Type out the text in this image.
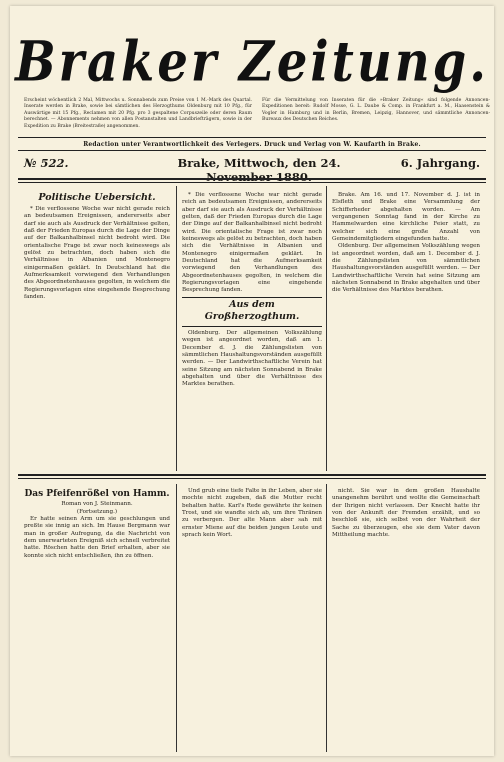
Braker Zeitung.
Erscheint wöchentlich 2 Mal, Mittwochs u. Sonnabends zum Preise von 1 M.-Mark des Quartal. Inserate werden in Brake, sowie bei sämtlichen des Herzogthums Oldenburg mit 10 Pfg., für Auswärtige mit 15 Pfg., Reclamen mit 20 Pfg. pro 3 gespaltene Corpuszeile oder deren Raum berechnet. — Abonnements nehmen von allen Postanstalten und Landbriefträgern, sowie in der Expedition zu Brake (Breitestraße) angenommen.
Für die Vermittelung von Inseraten für die »Braker Zeitung« sind folgende Annoncen-Expeditionen bereit: Rudolf Mosse, G. L. Daube & Comp. in Frankfurt a. M., Haasenstein & Vogler in Hamburg und in Berlin, Bremen, Leipzig, Hannover, und sämmtliche Annoncen-Bureaux des Deutschen Reiches.
Redaction unter Verantwortlichkeit des Verlegers. Druck und Verlag von W. Kaufarth in Brake.
№ 522.	Brake, Mittwoch, den 24. November 1880.
6. Jahrgang.
Politische Uebersicht.

* Die verflossene Woche war nicht gerade reich an bedeutsamen Ereignissen, andererseits aber darf sie auch als Ausdruck der Verhältnisse gelten, daß der Frieden Europas durch die Lage der Dinge auf der Balkanhalbinsel nicht bedroht wird. Die orientalische Frage ist zwar noch keineswegs als gelöst zu betrachten, doch haben sich die Verhältnisse in Albanien und Montenegro einigermaßen geklärt. In Deutschland hat die Aufmerksamkeit vorwiegend den Verhandlungen des Abgeordnetenhauses gegolten, in welchem die Regierungsvorlagen eine eingehende Besprechung fanden.

* Die verflossene Woche war nicht gerade reich an bedeutsamen Ereignissen, andererseits aber darf sie auch als Ausdruck der Verhältnisse gelten, daß der Frieden Europas durch die Lage der Dinge auf der Balkanhalbinsel nicht bedroht wird. Die orientalische Frage ist zwar noch keineswegs als gelöst zu betrachten, doch haben sich die Verhältnisse in Albanien und Montenegro einigermaßen geklärt. In Deutschland hat die Aufmerksamkeit vorwiegend den Verhandlungen des Abgeordnetenhauses gegolten, in welchem die Regierungsvorlagen eine eingehende Besprechung fanden.

Aus dem Großherzogthum.

Oldenburg. Der allgemeinen Volkszählung wegen ist angeordnet worden, daß am 1. December d. J. die Zählungslisten von sämmtlichen Haushaltungsvorständen ausgefüllt werden. — Der Landwirthschaftliche Verein hat seine Sitzung am nächsten Sonnabend in Brake abgehalten und über die Verhältnisse des Marktes berathen.

Brake. Am 16. und 17. November d. J. ist in Elsfleth und Brake eine Versammlung der Schiffsrheder abgehalten worden. — Am vergangenen Sonntag fand in der Kirche zu Hammelwarden eine kirchliche Feier statt, zu welcher sich eine große Anzahl von Gemeindemitgliedern eingefunden hatte.

Oldenburg. Der allgemeinen Volkszählung wegen ist angeordnet worden, daß am 1. December d. J. die Zählungslisten von sämmtlichen Haushaltungsvorständen ausgefüllt werden. — Der Landwirthschaftliche Verein hat seine Sitzung am nächsten Sonnabend in Brake abgehalten und über die Verhältnisse des Marktes berathen.

Das Pfeifenrößel von Hamm.
Roman von J. Steinmann.
(Fortsetzung.)

Er hatte seinen Arm um sie geschlungen und preßte sie innig an sich. Im Hause Bergmann war man in großer Aufregung, da die Nachricht von dem unerwarteten Ereigniß sich schnell verbreitet hatte. Röschen hatte den Brief erhalten, aber sie konnte sich nicht entschließen, ihn zu öffnen.

Und grub eine tiefe Falte in ihr Leben, aber sie mochte nicht zugeben, daß die Mutter recht behalten hatte. Karl's Rede gewährte ihr keinen Trost, und sie wandte sich ab, um ihre Thränen zu verbergen. Der alte Mann aber sah mit ernster Miene auf die beiden jungen Leute und sprach kein Wort.

nicht. Sie war in dem großen Haushalte unangenehm berührt und wollte die Gemeinschaft der Ihrigen nicht verlassen. Der Knecht hatte ihr von der Ankunft der Fremden erzählt, und so beschloß sie, sich selbst von der Wahrheit der Sache zu überzeugen, ehe sie dem Vater davon Mittheilung machte.
